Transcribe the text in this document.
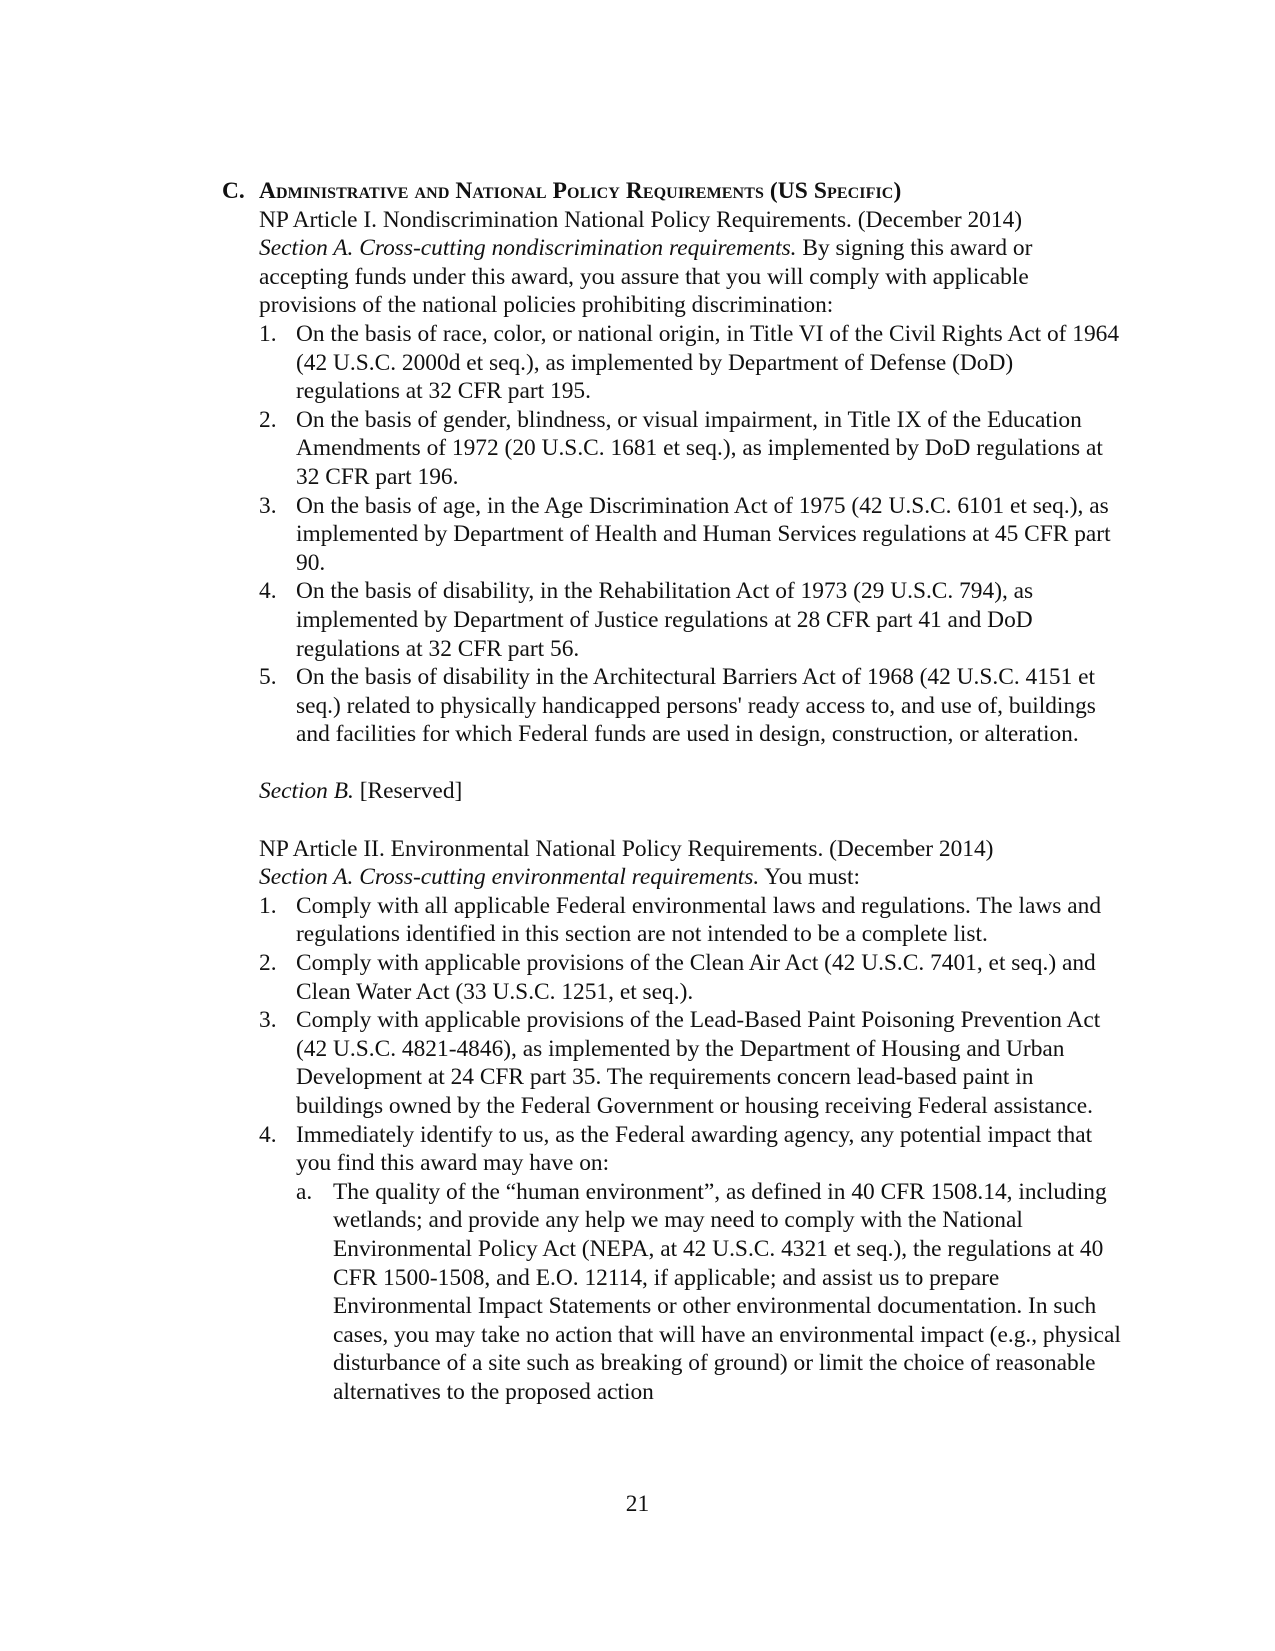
C. Administrative and National Policy Requirements (US Specific)

NP Article I. Nondiscrimination National Policy Requirements. (December 2014)

Section A. Cross-cutting nondiscrimination requirements. By signing this award or accepting funds under this award, you assure that you will comply with applicable provisions of the national policies prohibiting discrimination:

1. On the basis of race, color, or national origin, in Title VI of the Civil Rights Act of 1964 (42 U.S.C. 2000d et seq.), as implemented by Department of Defense (DoD) regulations at 32 CFR part 195.
2. On the basis of gender, blindness, or visual impairment, in Title IX of the Education Amendments of 1972 (20 U.S.C. 1681 et seq.), as implemented by DoD regulations at 32 CFR part 196.
3. On the basis of age, in the Age Discrimination Act of 1975 (42 U.S.C. 6101 et seq.), as implemented by Department of Health and Human Services regulations at 45 CFR part 90.
4. On the basis of disability, in the Rehabilitation Act of 1973 (29 U.S.C. 794), as implemented by Department of Justice regulations at 28 CFR part 41 and DoD regulations at 32 CFR part 56.
5. On the basis of disability in the Architectural Barriers Act of 1968 (42 U.S.C. 4151 et seq.) related to physically handicapped persons' ready access to, and use of, buildings and facilities for which Federal funds are used in design, construction, or alteration.

Section B. [Reserved]

NP Article II. Environmental National Policy Requirements. (December 2014)

Section A. Cross-cutting environmental requirements. You must:

1. Comply with all applicable Federal environmental laws and regulations. The laws and regulations identified in this section are not intended to be a complete list.
2. Comply with applicable provisions of the Clean Air Act (42 U.S.C. 7401, et seq.) and Clean Water Act (33 U.S.C. 1251, et seq.).
3. Comply with applicable provisions of the Lead-Based Paint Poisoning Prevention Act (42 U.S.C. 4821-4846), as implemented by the Department of Housing and Urban Development at 24 CFR part 35. The requirements concern lead-based paint in buildings owned by the Federal Government or housing receiving Federal assistance.
4. Immediately identify to us, as the Federal awarding agency, any potential impact that you find this award may have on:
a. The quality of the “human environment”, as defined in 40 CFR 1508.14, including wetlands; and provide any help we may need to comply with the National Environmental Policy Act (NEPA, at 42 U.S.C. 4321 et seq.), the regulations at 40 CFR 1500-1508, and E.O. 12114, if applicable; and assist us to prepare Environmental Impact Statements or other environmental documentation. In such cases, you may take no action that will have an environmental impact (e.g., physical disturbance of a site such as breaking of ground) or limit the choice of reasonable alternatives to the proposed action
21
